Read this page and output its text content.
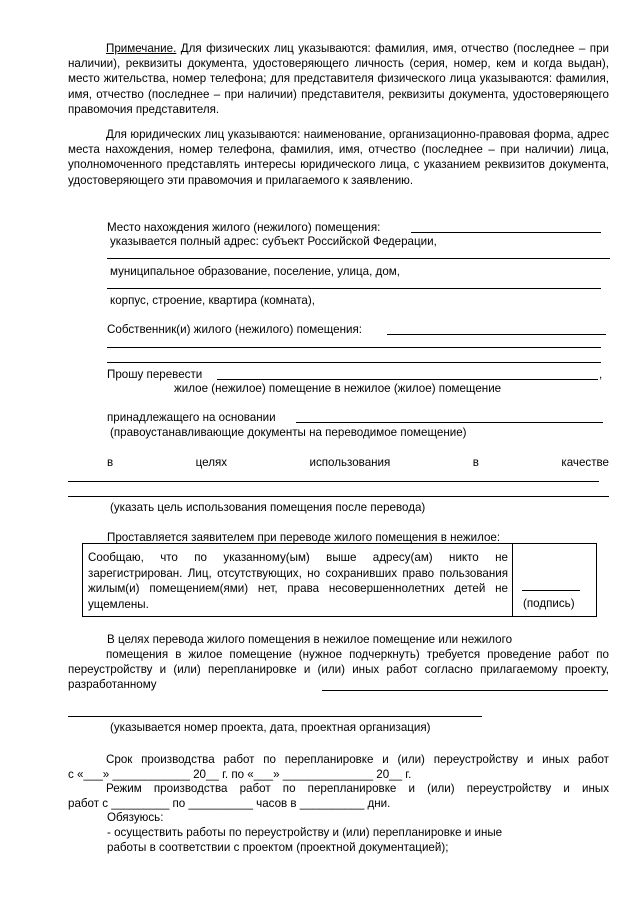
Примечание. Для физических лиц указываются: фамилия, имя, отчество (последнее – при наличии), реквизиты документа, удостоверяющего личность (серия, номер, кем и когда выдан), место жительства, номер телефона; для представителя физического лица указываются: фамилия, имя, отчество (последнее – при наличии) представителя, реквизиты документа, удостоверяющего правомочия представителя.
Для юридических лиц указываются: наименование, организационно-правовая форма, адрес места нахождения, номер телефона, фамилия, имя, отчество (последнее – при наличии) лица, уполномоченного представлять интересы юридического лица, с указанием реквизитов документа, удостоверяющего эти правомочия и прилагаемого к заявлению.
Место нахождения жилого (нежилого) помещения:
указывается полный адрес: субъект Российской Федерации,
муниципальное образование, поселение, улица, дом,
корпус, строение, квартира (комната),
Собственник(и) жилого (нежилого) помещения:
Прошу перевести	,
жилое (нежилое) помещение в нежилое (жилое) помещение
принадлежащего на основании
(правоустанавливающие документы на переводимое помещение)
в	целях	использования	в	качестве
(указать цель использования помещения после перевода)
Проставляется заявителем при переводе жилого помещения в нежилое:
Сообщаю, что по указанному(ым) выше адресу(ам) никто не зарегистрирован. Лиц, отсутствующих, но сохранивших право пользования жилым(и) помещением(ями) нет, права несовершеннолетних детей не ущемлены.	(подпись)
В целях перевода жилого помещения в нежилое помещение или нежилого
помещения в жилое помещение (нужное подчеркнуть) требуется проведение работ по переустройству и (или) перепланировке и (или) иных работ согласно прилагаемому проекту, разработанному
(указывается номер проекта, дата, проектная организация)
Срок производства работ по перепланировке и (или) переустройству и иных работ
с «___» ____________ 20__ г. по «___» ______________ 20__ г.
Режим производства работ по перепланировке и (или) переустройству и иных
работ с _________ по __________ часов в __________ дни.
Обязуюсь:
- осуществить работы по переустройству и (или) перепланировке и иные
работы в соответствии с проектом (проектной документацией);
